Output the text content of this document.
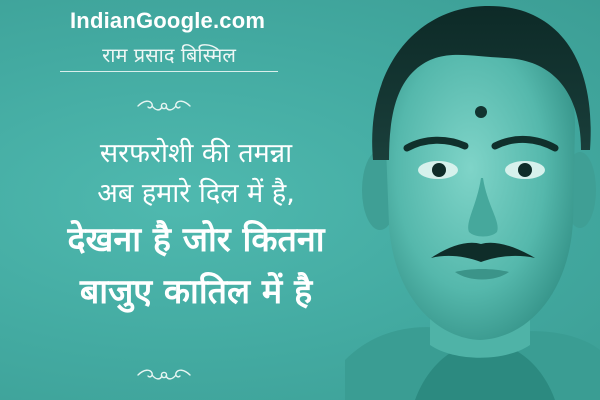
IndianGoogle.com
राम प्रसाद बिस्मिल
सरफरोशी की तमन्ना
अब हमारे दिल में है,
देखना है जोर कितना
बाजुए कातिल में है
